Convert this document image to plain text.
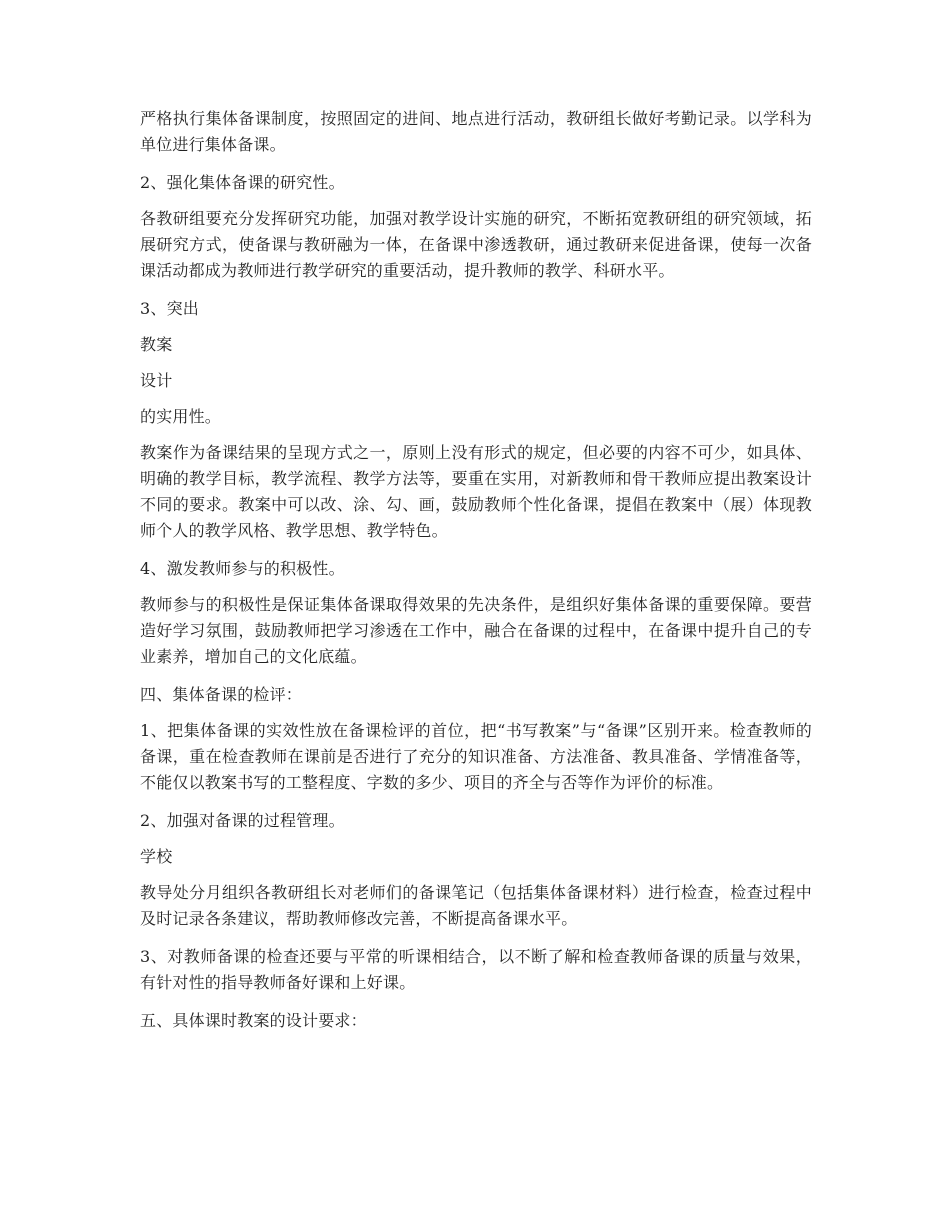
严格执行集体备课制度，按照固定的进间、地点进行活动，教研组长做好考勤记录。以学科为单位进行集体备课。

2、强化集体备课的研究性。

各教研组要充分发挥研究功能，加强对教学设计实施的研究，不断拓宽教研组的研究领域，拓展研究方式，使备课与教研融为一体，在备课中渗透教研，通过教研来促进备课，使每一次备课活动都成为教师进行教学研究的重要活动，提升教师的教学、科研水平。

3、突出

教案

设计

的实用性。

教案作为备课结果的呈现方式之一，原则上没有形式的规定，但必要的内容不可少，如具体、明确的教学目标，教学流程、教学方法等，要重在实用，对新教师和骨干教师应提出教案设计不同的要求。教案中可以改、涂、勾、画，鼓励教师个性化备课，提倡在教案中（展）体现教师个人的教学风格、教学思想、教学特色。

4、激发教师参与的积极性。

教师参与的积极性是保证集体备课取得效果的先决条件，是组织好集体备课的重要保障。要营造好学习氛围，鼓励教师把学习渗透在工作中，融合在备课的过程中，在备课中提升自己的专业素养，增加自己的文化底蕴。

四、集体备课的检评：

1、把集体备课的实效性放在备课检评的首位，把“书写教案”与“备课”区别开来。检查教师的备课，重在检查教师在课前是否进行了充分的知识准备、方法准备、教具准备、学情准备等，不能仅以教案书写的工整程度、字数的多少、项目的齐全与否等作为评价的标准。

2、加强对备课的过程管理。

学校

教导处分月组织各教研组长对老师们的备课笔记（包括集体备课材料）进行检查，检查过程中及时记录各条建议，帮助教师修改完善，不断提高备课水平。

3、对教师备课的检查还要与平常的听课相结合，以不断了解和检查教师备课的质量与效果，有针对性的指导教师备好课和上好课。

五、具体课时教案的设计要求：
